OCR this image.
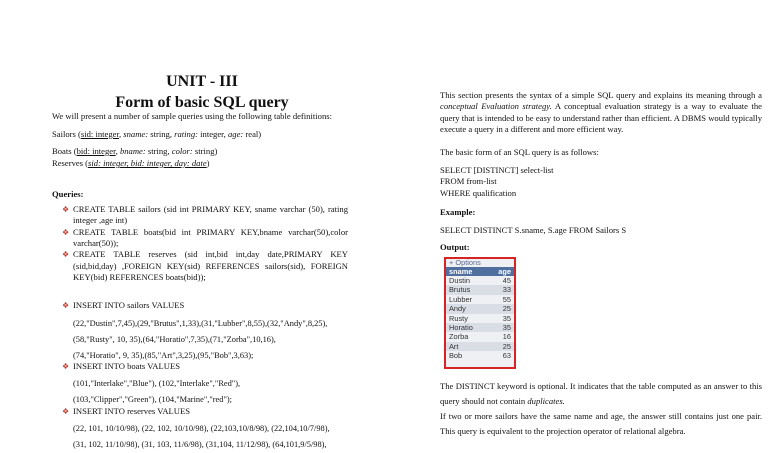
UNIT - III
Form of basic SQL query
We will present a number of sample queries using the following table definitions:
Sailors (sid: integer, sname: string, rating: integer, age: real)
Boats (bid: integer, bname: string, color: string)
Reserves (sid: integer, bid: integer, day: date)
Queries:
❖ CREATE TABLE sailors (sid int PRIMARY KEY, sname varchar (50), rating integer ,age int)
❖ CREATE TABLE boats(bid int PRIMARY KEY,bname varchar(50),color varchar(50));
❖ CREATE TABLE reserves (sid int,bid int,day date,PRIMARY KEY (sid,bid,day) ,FOREIGN KEY(sid) REFERENCES sailors(sid), FOREIGN KEY(bid) REFERENCES boats(bid));
❖ INSERT INTO sailors VALUES
(22,"Dustin",7,45),(29,"Brutus",1,33),(31,"Lubber",8,55),(32,"Andy",8,25),
(58,"Rusty", 10, 35),(64,"Horatio",7,35),(71,"Zorba",10,16),
(74,"Horatio", 9, 35),(85,"Art",3,25),(95,"Bob",3,63);
❖ INSERT INTO boats VALUES
(101,"Interlake","Blue"), (102,"Interlake","Red"),
(103,"Clipper","Green"), (104,"Marine","red");
❖ INSERT INTO reserves VALUES
(22, 101, 10/10/98), (22, 102, 10/10/98), (22,103,10/8/98), (22,104,10/7/98),
(31, 102, 11/10/98), (31, 103, 11/6/98), (31,104, 11/12/98), (64,101,9/5/98),
This section presents the syntax of a simple SQL query and explains its meaning through a conceptual Evaluation strategy. A conceptual evaluation strategy is a way to evaluate the query that is intended to be easy to understand rather than efficient. A DBMS would typically execute a query in a different and more efficient way.
The basic form of an SQL query is as follows:
SELECT [DISTINCT] select-list
FROM from-list
WHERE qualification
Example:
SELECT DISTINCT S.sname, S.age FROM Sailors S
Output:
+ Options
sname	age
Dustin	45
Brutus	33
Lubber	55
Andy	25
Rusty	35
Horatio	35
Zorba	16
Art	25
Bob	63
The DISTINCT keyword is optional. It indicates that the table computed as an answer to this query should not contain duplicates.
If two or more sailors have the same name and age, the answer still contains just one pair. This query is equivalent to the projection operator of relational algebra.
